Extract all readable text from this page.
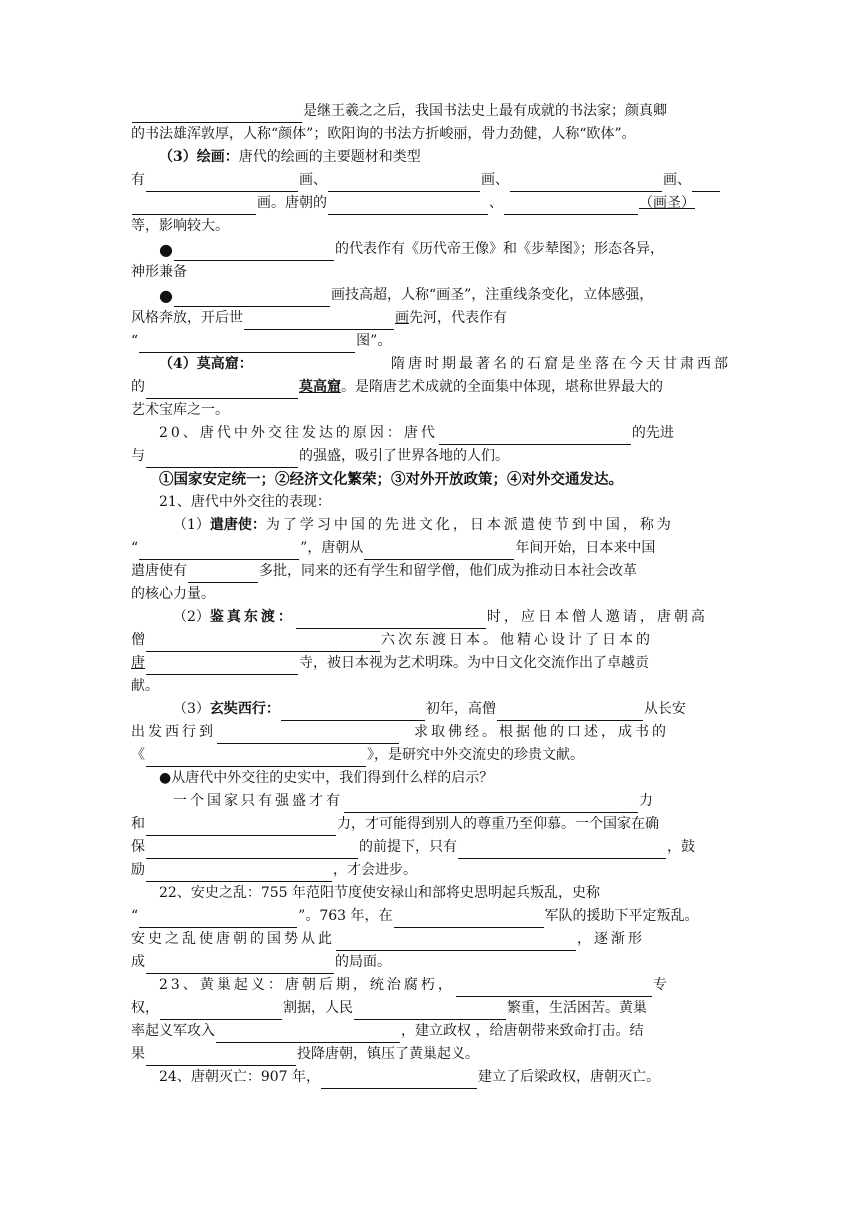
是继王羲之之后，我国书法史上最有成就的书法家；颜真卿
的书法雄浑敦厚，人称“颜体”；欧阳询的书法方折峻丽，骨力劲健，人称“欧体”。
（3）绘画： 唐代的绘画的主要题材和类型
有	画、	画、	画、
画。唐朝的	、	（画圣）
等，影响较大。
●	的代表作有《历代帝王像》和《步辇图》；形态各异，
神形兼备
●	画技高超，人称“画圣”，注重线条变化，立体感强，
风格奔放，开后世	画 先河，代表作有
“	图”。
（4）莫高窟：	隋唐时期最著名的石窟是坐落在今天甘肃西部
的	莫高窟 。是隋唐艺术成就的全面集中体现，堪称世界最大的
艺术宝库之一。
20、唐代中外交往发达的原因：唐代	的先进
与	的强盛，吸引了世界各地的人们。
①国家安定统一；②经济文化繁荣；③对外开放政策；④对外交通发达。
21、唐代中外交往的表现：
（1） 遣唐使： 为了学习中国的先进文化，日本派遣使节到中国，称为
“	”，唐朝从	年间开始，日本来中国
遣唐使有	多批，同来的还有学生和留学僧，他们成为推动日本社会改革
的核心力量。
（2） 鉴真东渡：	时，应日本僧人邀请，唐朝高
僧	六次东渡日本。他精心设计了日本的
唐	寺，被日本视为艺术明珠。为中日文化交流作出了卓越贡
献。
（3） 玄奘西行：	初年，高僧	从长安
出发西行到	求取佛经。根据他的口述，成书的
《	》，是研究中外交流史的珍贵文献。
●从唐代中外交往的史实中，我们得到什么样的启示？
一个国家只有强盛才有	力
和	力，才可能得到别人的尊重乃至仰慕。一个国家在确
保	的前提下，只有	，鼓
励	，才会进步。
22、安史之乱：755 年范阳节度使安禄山和部将史思明起兵叛乱，史称
“	”。763 年，在	军队的援助下平定叛乱。
安史之乱使唐朝的国势从此	，逐渐形
成	的局面。
23、黄巢起义：唐朝后期，统治腐朽，	专
权，	割据，人民	繁重，生活困苦。黄巢
率起义军攻入	，建立政权 ，给唐朝带来致命打击。结
果	投降唐朝，镇压了黄巢起义。
24、唐朝灭亡：907 年，	建立了后梁政权，唐朝灭亡。
